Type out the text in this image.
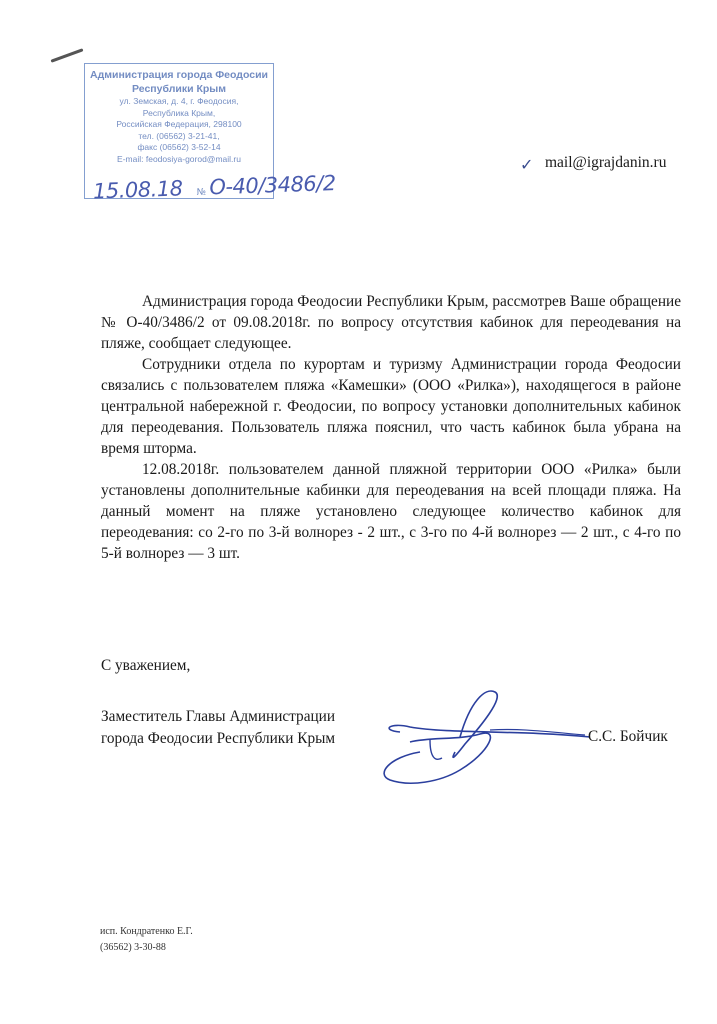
Администрация города Феодосии
Республики Крым
ул. Земская, д. 4, г. Феодосия,
Республика Крым,
Российская Федерация, 298100
тел. (06562) 3-21-41,
факс (06562) 3-52-14
E-mail: feodosiya-gorod@mail.ru
15.08.18 № О-40/3486/2
✓ mail@igrajdanin.ru

Администрация города Феодосии Республики Крым, рассмотрев Ваше обращение № О-40/3486/2 от 09.08.2018г. по вопросу отсутствия кабинок для переодевания на пляже, сообщает следующее.

Сотрудники отдела по курортам и туризму Администрации города Феодосии связались с пользователем пляжа «Камешки» (ООО «Рилка»), находящегося в районе центральной набережной г. Феодосии, по вопросу установки дополнительных кабинок для переодевания. Пользователь пляжа пояснил, что часть кабинок была убрана на время шторма.

12.08.2018г. пользователем данной пляжной территории ООО «Рилка» были установлены дополнительные кабинки для переодевания на всей площади пляжа. На данный момент на пляже установлено следующее количество кабинок для переодевания: со 2-го по 3-й волнорез - 2 шт., с 3-го по 4-й волнорез — 2 шт., с 4-го по 5-й волнорез — 3 шт.

С уважением,
Заместитель Главы Администрации
города Феодосии Республики Крым	С.С. Бойчик
исп. Кондратенко Е.Г.
(36562) 3-30-88
